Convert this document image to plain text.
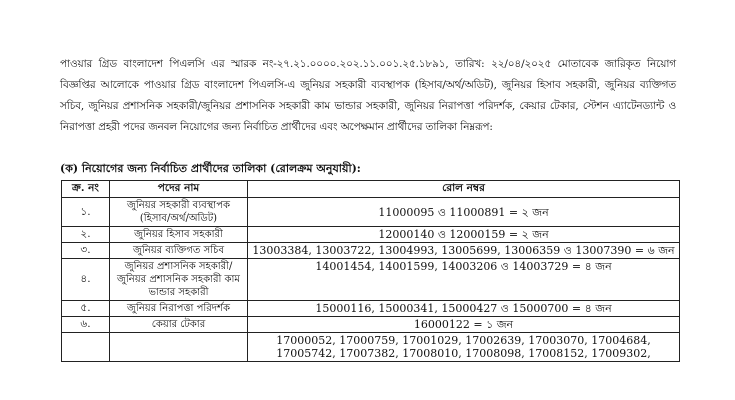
পাওয়ার গ্রিড বাংলাদেশ পিএলসি এর স্মারক নং-২৭.২১.০০০০.২০২.১১.০০১.২৫.১৮৯১, তারিখ: ২২/০৪/২০২৫ মোতাবেক জারিকৃত নিয়োগ বিজ্ঞপ্তির আলোকে পাওয়ার গ্রিড বাংলাদেশ পিএলসি-এ জুনিয়র সহকারী ব্যবস্থাপক (হিসাব/অর্থ/অডিট), জুনিয়র হিসাব সহকারী, জুনিয়র ব্যক্তিগত সচিব, জুনিয়র প্রশাসনিক সহকারী/জুনিয়র প্রশাসনিক সহকারী কাম ভান্ডার সহকারী, জুনিয়র নিরাপত্তা পরিদর্শক, কেয়ার টেকার, স্টেশন এ্যাটেনড্যান্ট ও নিরাপত্তা প্রহরী পদের জনবল নিয়োগের জন্য নির্বাচিত প্রার্থীদের এবং অপেক্ষমান প্রার্থীদের তালিকা নিম্নরূপ:

(ক) নিয়োগের জন্য নির্বাচিত প্রার্থীদের তালিকা (রোলক্রম অনুযায়ী):
ক্র. নং	পদের নাম	রোল নম্বর
১.	জুনিয়র সহকারী ব্যবস্থাপক (হিসাব/অর্থ/অডিট)	11000095 ও 11000891 = ২ জন
২.	জুনিয়র হিসাব সহকারী	12000140 ও 12000159 = ২ জন
৩.	জুনিয়র ব্যক্তিগত সচিব	13003384, 13003722, 13004993, 13005699, 13006359 ও 13007390 = ৬ জন
৪.	জুনিয়র প্রশাসনিক সহকারী/জুনিয়র প্রশাসনিক সহকারী কাম ভান্ডার সহকারী	14001454, 14001599, 14003206 ও 14003729 = ৪ জন
৫.	জুনিয়র নিরাপত্তা পরিদর্শক	15000116, 15000341, 15000427 ও 15000700 = ৪ জন
৬.	কেয়ার টেকার	16000122 = ১ জন
		17000052, 17000759, 17001029, 17002639, 17003070, 17004684, 17005742, 17007382, 17008010, 17008098, 17008152, 17009302,
